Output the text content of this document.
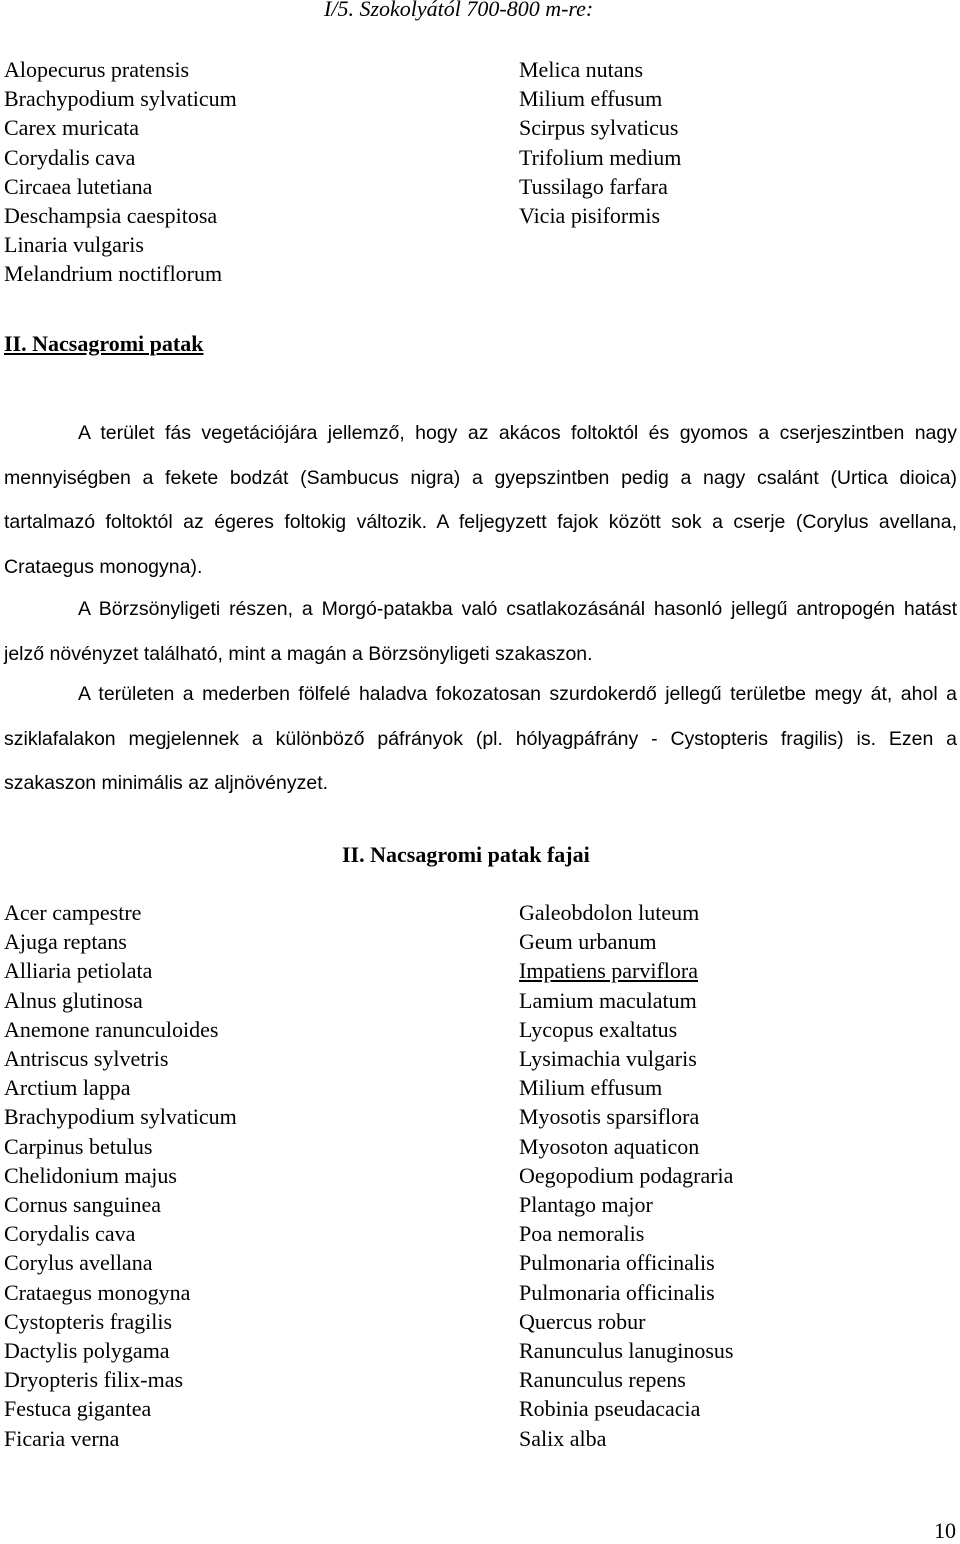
I/5. Szokolyától 700-800 m-re:
Alopecurus pratensis
Brachypodium sylvaticum
Carex muricata
Corydalis cava
Circaea lutetiana
Deschampsia caespitosa
Linaria vulgaris
Melandrium noctiflorum
Melica nutans
Milium effusum
Scirpus sylvaticus
Trifolium medium
Tussilago farfara
Vicia pisiformis
II. Nacsagromi patak

A terület fás vegetációjára jellemző, hogy az akácos foltoktól és gyomos a cserjeszintben nagy mennyiségben a fekete bodzát (Sambucus nigra) a gyepszintben pedig a nagy csalánt (Urtica dioica) tartalmazó foltoktól az égeres foltokig változik. A feljegyzett fajok között sok a cserje (Corylus avellana, Crataegus monogyna).

A Börzsönyligeti részen, a Morgó-patakba való csatlakozásánál hasonló jellegű antropogén hatást jelző növényzet található, mint a magán a Börzsönyligeti szakaszon.

A területen a mederben fölfelé haladva fokozatosan szurdokerdő jellegű területbe megy át, ahol a sziklafalakon megjelennek a különböző páfrányok (pl. hólyagpáfrány - Cystopteris fragilis) is. Ezen a szakaszon minimális az aljnövényzet.

II. Nacsagromi patak fajai
Acer campestre
Ajuga reptans
Alliaria petiolata
Alnus glutinosa
Anemone ranunculoides
Antriscus sylvetris
Arctium lappa
Brachypodium sylvaticum
Carpinus betulus
Chelidonium majus
Cornus sanguinea
Corydalis cava
Corylus avellana
Crataegus monogyna
Cystopteris fragilis
Dactylis polygama
Dryopteris filix-mas
Festuca gigantea
Ficaria verna
Galeobdolon luteum
Geum urbanum
Impatiens parviflora
Lamium maculatum
Lycopus exaltatus
Lysimachia vulgaris
Milium effusum
Myosotis sparsiflora
Myosoton aquaticon
Oegopodium podagraria
Plantago major
Poa nemoralis
Pulmonaria officinalis
Pulmonaria officinalis
Quercus robur
Ranunculus lanuginosus
Ranunculus repens
Robinia pseudacacia
Salix alba
10
